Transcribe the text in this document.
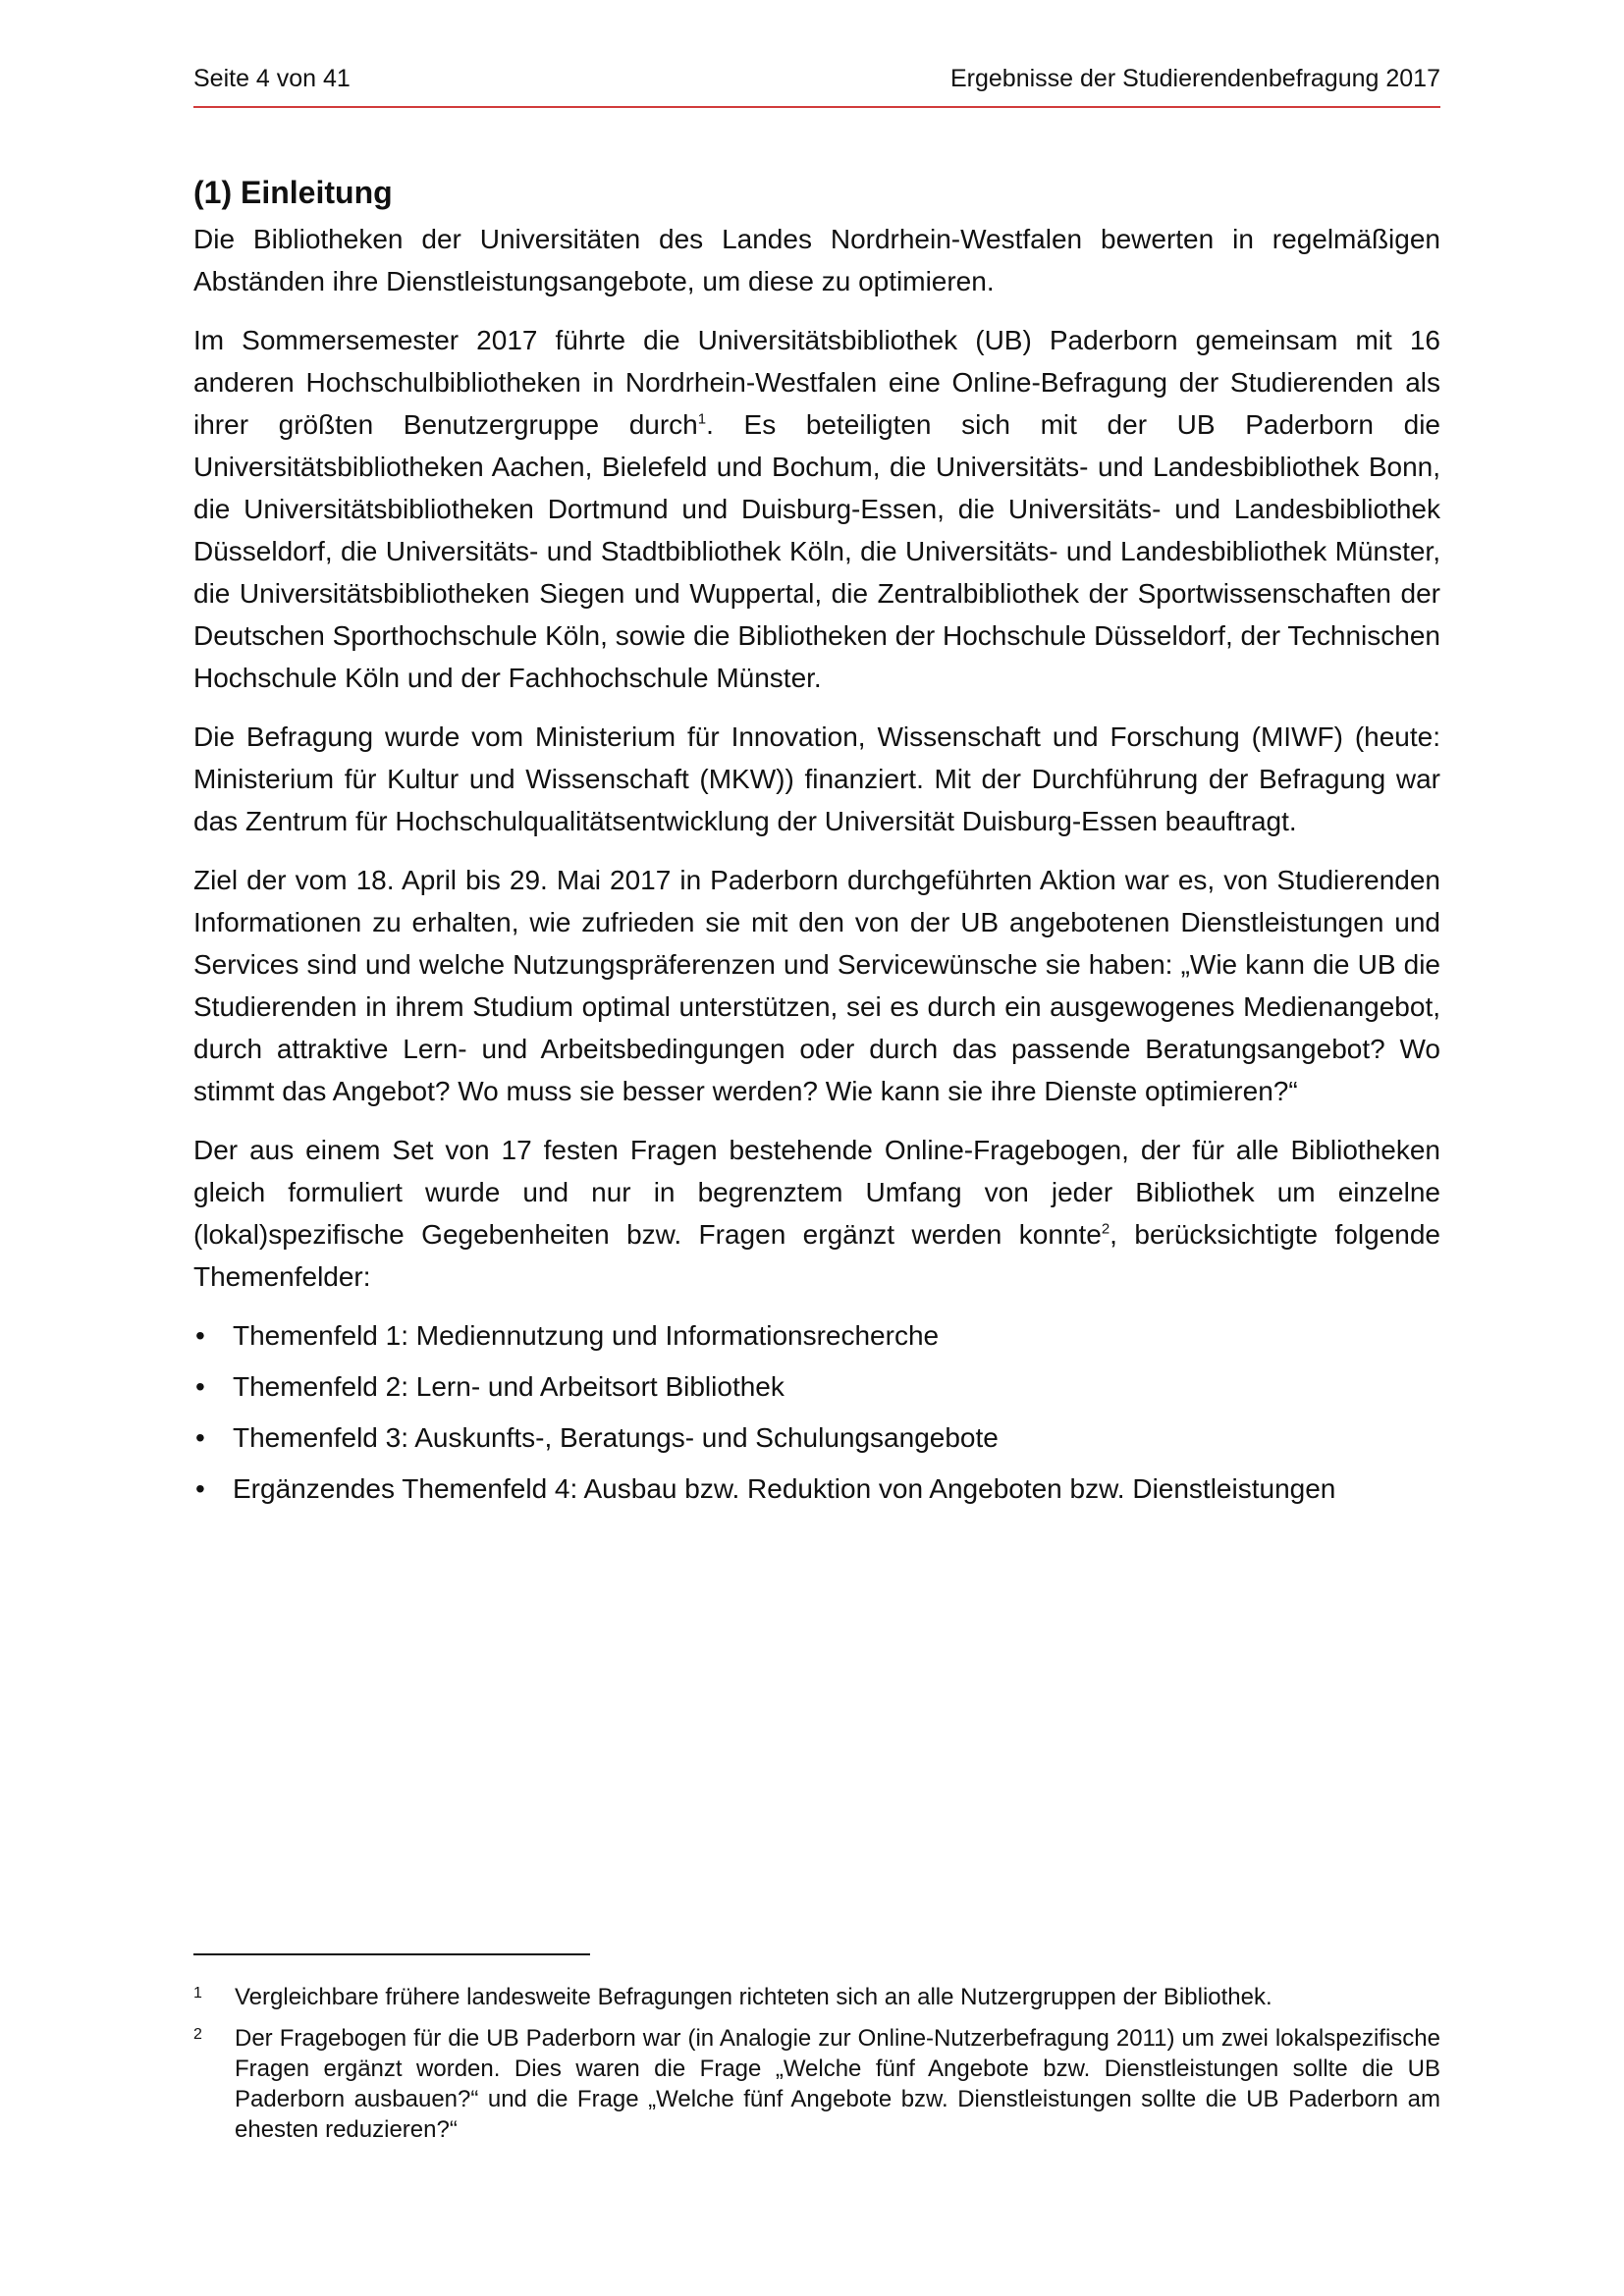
Seite 4 von 41	Ergebnisse der Studierendenbefragung 2017
(1) Einleitung

Die Bibliotheken der Universitäten des Landes Nordrhein-Westfalen bewerten in regelmäßigen Abständen ihre Dienstleistungsangebote, um diese zu optimieren.

Im Sommersemester 2017 führte die Universitätsbibliothek (UB) Paderborn gemeinsam mit 16 anderen Hochschulbibliotheken in Nordrhein-Westfalen eine Online-Befragung der Studierenden als ihrer größten Benutzergruppe durch$^1$. Es beteiligten sich mit der UB Paderborn die Universitätsbibliotheken Aachen, Bielefeld und Bochum, die Universitäts- und Landesbibliothek Bonn, die Universitätsbibliotheken Dortmund und Duisburg-Essen, die Universitäts- und Landesbibliothek Düsseldorf, die Universitäts- und Stadtbibliothek Köln, die Universitäts- und Landesbibliothek Münster, die Universitätsbibliotheken Siegen und Wuppertal, die Zentralbibliothek der Sportwissenschaften der Deutschen Sporthochschule Köln, sowie die Bibliotheken der Hochschule Düsseldorf, der Technischen Hochschule Köln und der Fachhochschule Münster.

Die Befragung wurde vom Ministerium für Innovation, Wissenschaft und Forschung (MIWF) (heute: Ministerium für Kultur und Wissenschaft (MKW)) finanziert. Mit der Durchführung der Befragung war das Zentrum für Hochschulqualitätsentwicklung der Universität Duisburg-Essen beauftragt.

Ziel der vom 18. April bis 29. Mai 2017 in Paderborn durchgeführten Aktion war es, von Studierenden Informationen zu erhalten, wie zufrieden sie mit den von der UB angebotenen Dienstleistungen und Services sind und welche Nutzungspräferenzen und Servicewünsche sie haben: „Wie kann die UB die Studierenden in ihrem Studium optimal unterstützen, sei es durch ein ausgewogenes Medienangebot, durch attraktive Lern- und Arbeitsbedingungen oder durch das passende Beratungsangebot? Wo stimmt das Angebot? Wo muss sie besser werden? Wie kann sie ihre Dienste optimieren?“

Der aus einem Set von 17 festen Fragen bestehende Online-Fragebogen, der für alle Bibliotheken gleich formuliert wurde und nur in begrenztem Umfang von jeder Bibliothek um einzelne (lokal)spezifische Gegebenheiten bzw. Fragen ergänzt werden konnte$^2$, berücksichtigte folgende Themenfelder:

• Themenfeld 1: Mediennutzung und Informationsrecherche
• Themenfeld 2: Lern- und Arbeitsort Bibliothek
• Themenfeld 3: Auskunfts-, Beratungs- und Schulungsangebote
• Ergänzendes Themenfeld 4: Ausbau bzw. Reduktion von Angeboten bzw. Dienstleistungen
1 Vergleichbare frühere landesweite Befragungen richteten sich an alle Nutzergruppen der Bibliothek.
2 Der Fragebogen für die UB Paderborn war (in Analogie zur Online-Nutzerbefragung 2011) um zwei lokalspezifische Fragen ergänzt worden. Dies waren die Frage „Welche fünf Angebote bzw. Dienstleistungen sollte die UB Paderborn ausbauen?“ und die Frage „Welche fünf Angebote bzw. Dienstleistungen sollte die UB Paderborn am ehesten reduzieren?“
